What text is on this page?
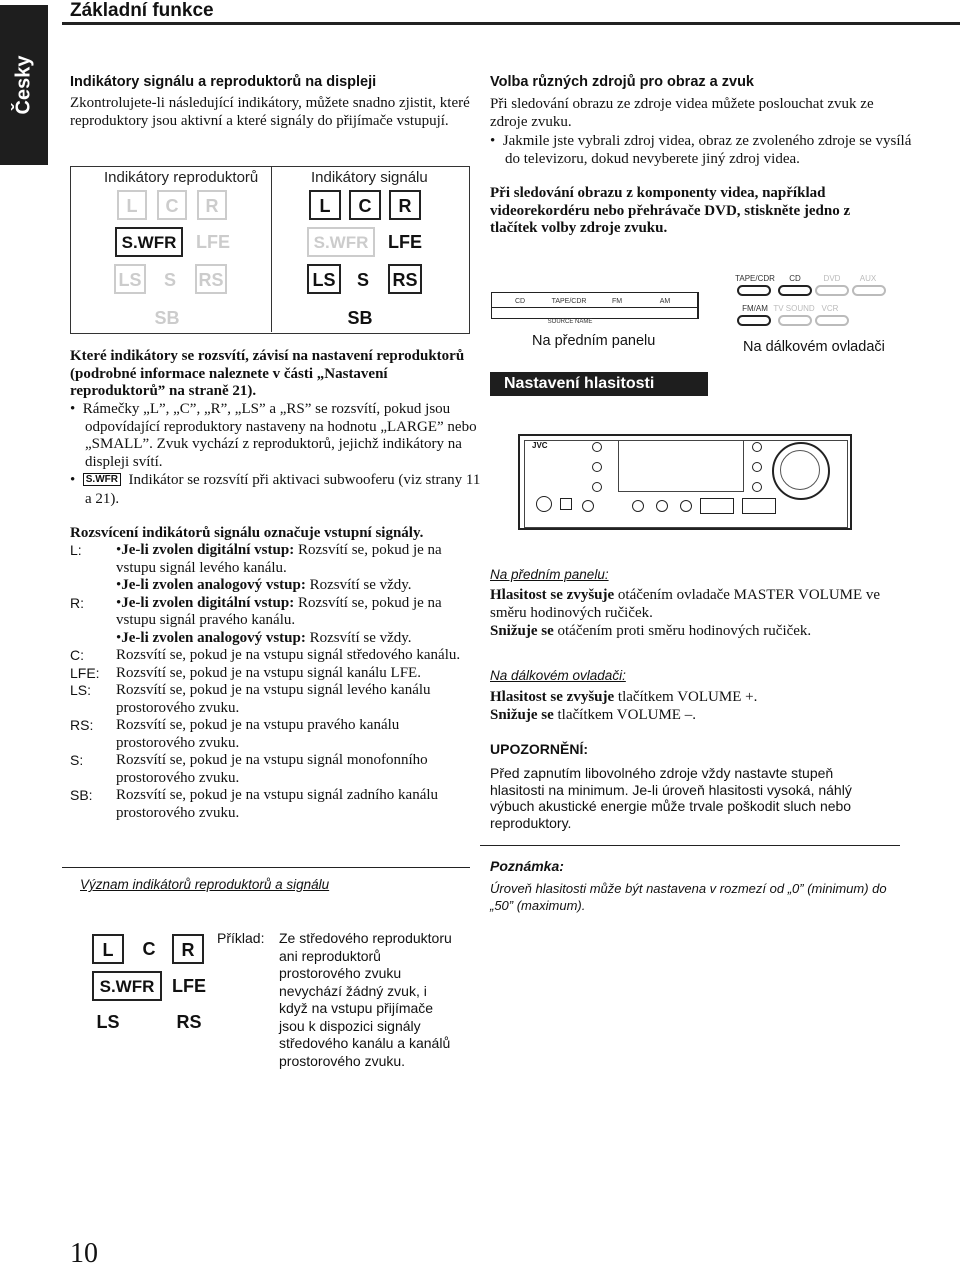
Česky
Základní funkce
Indikátory signálu a reproduktorů na displeji
Zkontrolujete-li následující indikátory, můžete snadno zjistit, které reproduktory jsou aktivní a které signály do přijímače vstupují.
Indikátory reproduktorů	Indikátory signálu
L	C	R
S.WFR	LFE
LS	S	RS
SB
L	C	R
S.WFR	LFE
LS	S	RS
SB
Které indikátory se rozsvítí, závisí na nastavení reproduktorů (podrobné informace naleznete v části „Nastavení reproduktorů” na straně 21).
•  Rámečky „L”, „C”, „R”, „LS” a „RS” se rozsvítí, pokud jsou odpovídající reproduktory nastaveny na hodnotu „LARGE” nebo „SMALL”. Zvuk vychází z reproduktorů, jejichž indikátory na displeji svítí.
•  S.WFR Indikátor se rozsvítí při aktivaci subwooferu (viz strany 11 a 21).
Rozsvícení indikátorů signálu označuje vstupní signály.
L:	•Je-li zvolen digitální vstup: Rozsvítí se, pokud je na vstupu signál levého kanálu.
•Je-li zvolen analogový vstup: Rozsvítí se vždy.
R:	•Je-li zvolen digitální vstup: Rozsvítí se, pokud je na vstupu signál pravého kanálu.
•Je-li zvolen analogový vstup: Rozsvítí se vždy.
C:	Rozsvítí se, pokud je na vstupu signál středového kanálu.
LFE:	Rozsvítí se, pokud je na vstupu signál kanálu LFE.
LS:	Rozsvítí se, pokud je na vstupu signál levého kanálu prostorového zvuku.
RS:	Rozsvítí se, pokud je na vstupu pravého kanálu prostorového zvuku.
S:	Rozsvítí se, pokud je na vstupu signál monofonního prostorového zvuku.
SB:	Rozsvítí se, pokud je na vstupu signál zadního kanálu prostorového zvuku.
Význam indikátorů reproduktorů a signálu
L	C	R
S.WFR LFE
LS	RS
Příklad: Ze středového reproduktoru ani reproduktorů prostorového zvuku nevychází žádný zvuk, i když na vstupu přijímače jsou k dispozici signály středového kanálu a kanálů prostorového zvuku.
Volba různých zdrojů pro obraz a zvuk
Při sledování obrazu ze zdroje videa můžete poslouchat zvuk ze zdroje zvuku.
•  Jakmile jste vybrali zdroj videa, obraz ze zvoleného zdroje se vysílá do televizoru, dokud nevyberete jiný zdroj videa.
Při sledování obrazu z komponenty videa, například videorekordéru nebo přehrávače DVD, stiskněte jedno z tlačítek volby zdroje zvuku.
CD	TAPE/CDR	FM	AM
SOURCE NAME
Na předním panelu
TAPE/CDR	CD	DVD	AUX
FM/AM TV SOUND VCR
Na dálkovém ovladači
Nastavení hlasitosti
JVC
Na předním panelu:
Hlasitost se zvyšuje otáčením ovladače MASTER VOLUME ve směru hodinových ručiček.
Snižuje se otáčením proti směru hodinových ručiček.
Na dálkovém ovladači:
Hlasitost se zvyšuje tlačítkem VOLUME +.
Snižuje se tlačítkem VOLUME –.
UPOZORNĚNÍ:
Před zapnutím libovolného zdroje vždy nastavte stupeň hlasitosti na minimum. Je-li úroveň hlasitosti vysoká, náhlý výbuch akustické energie může trvale poškodit sluch nebo reproduktory.
Poznámka:
Úroveň hlasitosti může být nastavena v rozmezí od „0” (minimum) do „50” (maximum).
10
